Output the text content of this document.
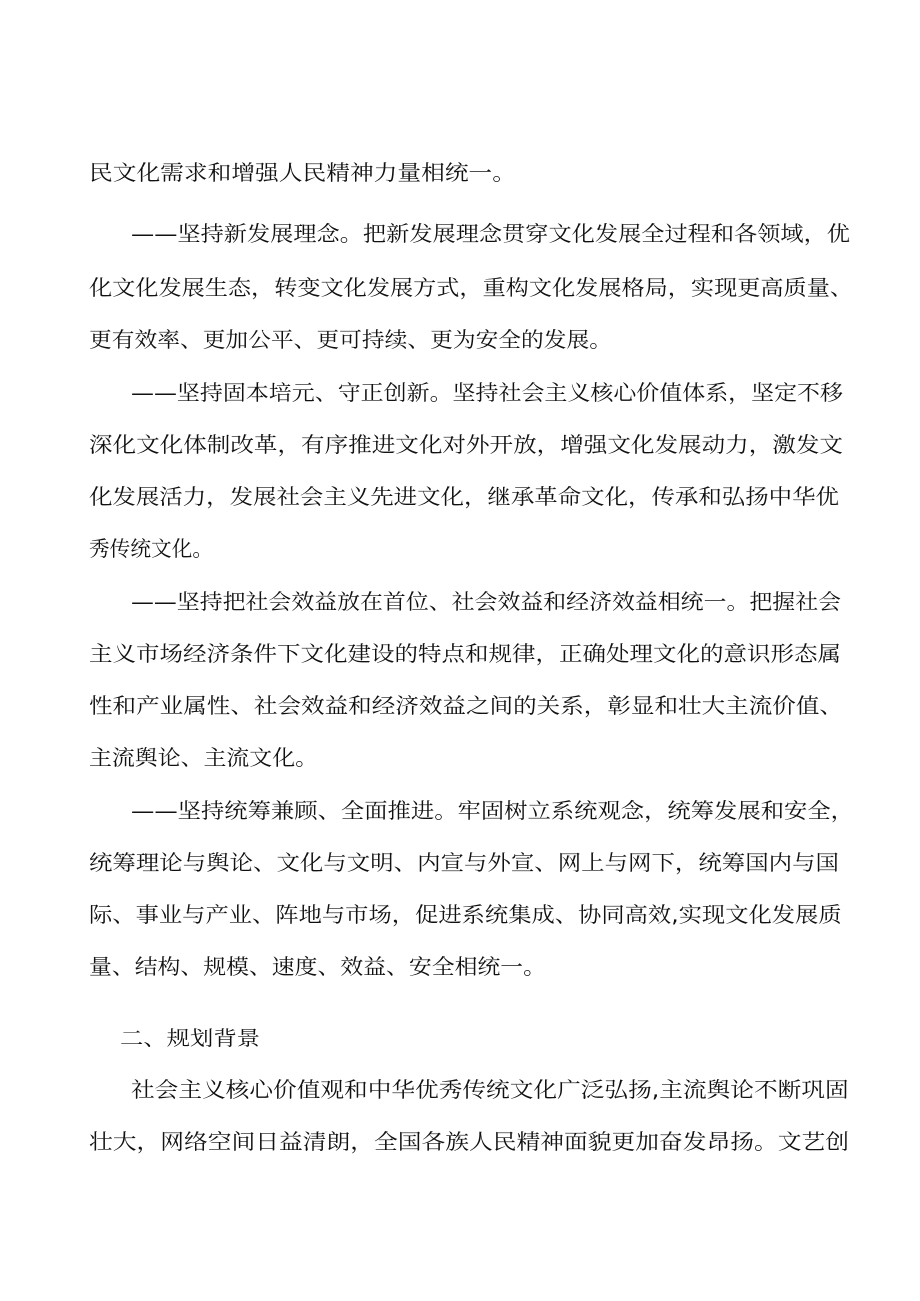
民文化需求和增强人民精神力量相统一。
——坚持新发展理念。把新发展理念贯穿文化发展全过程和各领域，优
化文化发展生态，转变文化发展方式，重构文化发展格局，实现更高质量、
更有效率、更加公平、更可持续、更为安全的发展。
——坚持固本培元、守正创新。坚持社会主义核心价值体系，坚定不移
深化文化体制改革，有序推进文化对外开放，增强文化发展动力，激发文
化发展活力，发展社会主义先进文化，继承革命文化，传承和弘扬中华优
秀传统文化。
——坚持把社会效益放在首位、社会效益和经济效益相统一。把握社会
主义市场经济条件下文化建设的特点和规律，正确处理文化的意识形态属
性和产业属性、社会效益和经济效益之间的关系，彰显和壮大主流价值、
主流舆论、主流文化。
——坚持统筹兼顾、全面推进。牢固树立系统观念，统筹发展和安全，
统筹理论与舆论、文化与文明、内宣与外宣、网上与网下，统筹国内与国
际、事业与产业、阵地与市场，促进系统集成、协同高效,实现文化发展质
量、结构、规模、速度、效益、安全相统一。
二、规划背景
社会主义核心价值观和中华优秀传统文化广泛弘扬,主流舆论不断巩固
壮大，网络空间日益清朗，全国各族人民精神面貌更加奋发昂扬。文艺创
